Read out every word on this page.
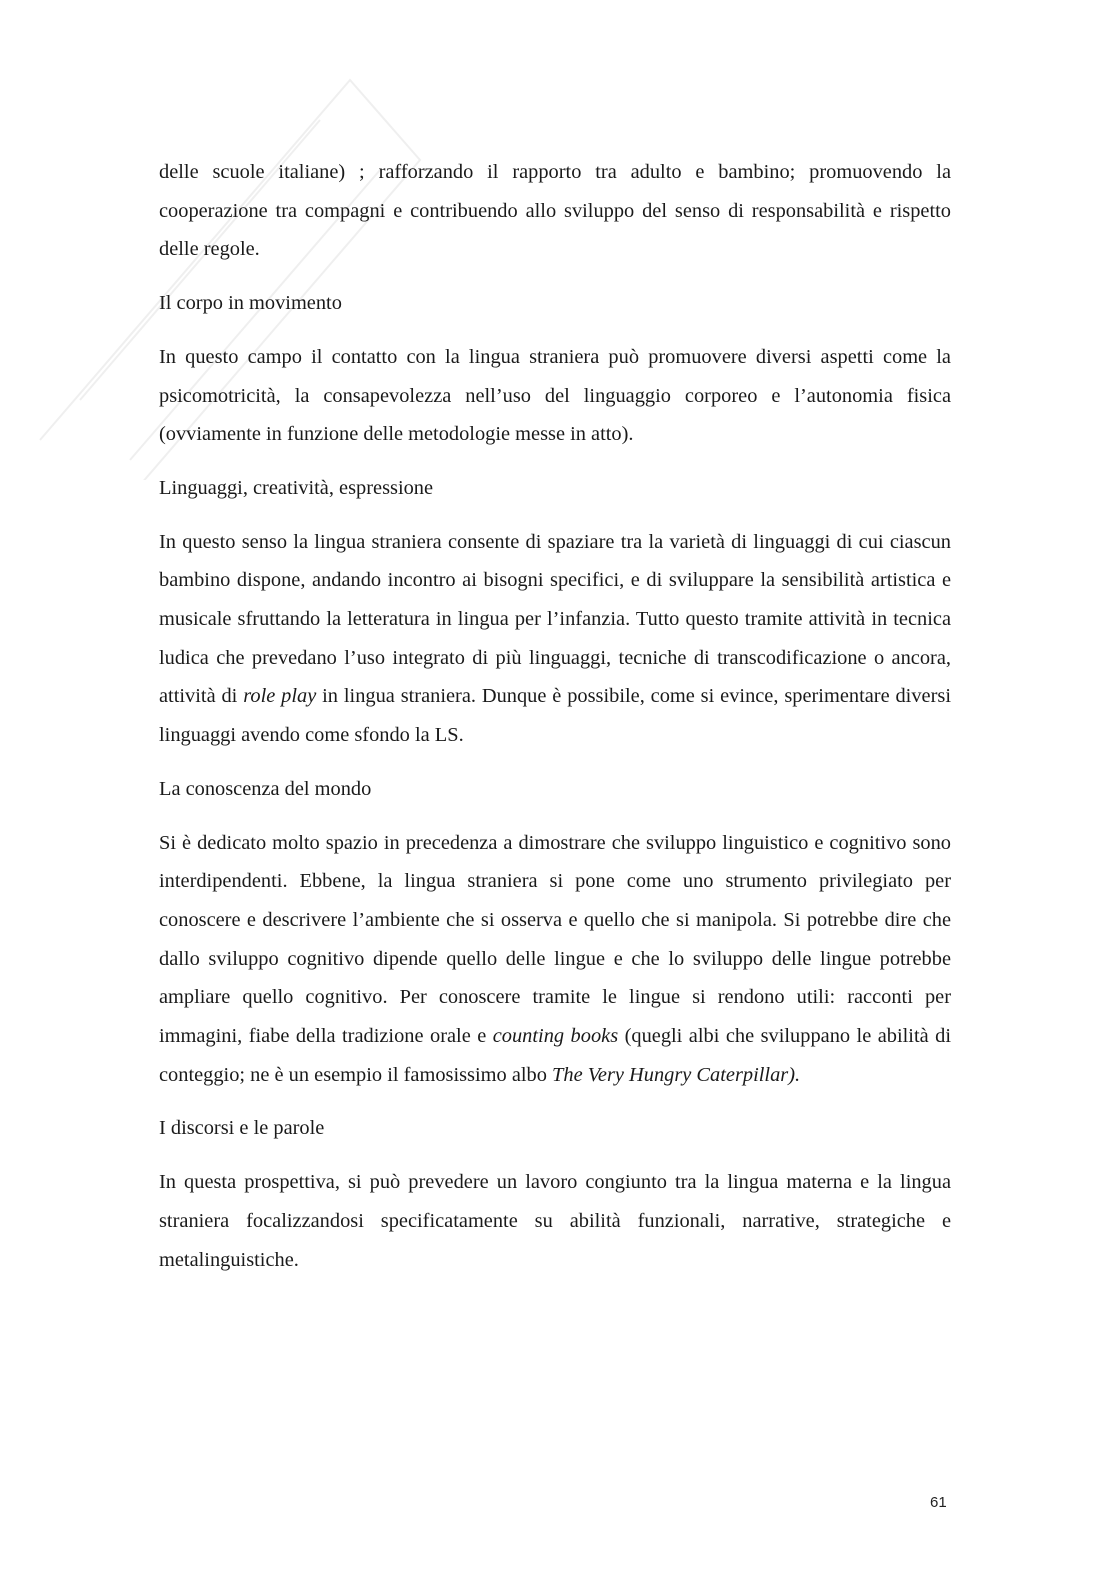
delle scuole italiane) ; rafforzando il rapporto tra adulto e bambino; promuovendo la cooperazione tra compagni e contribuendo allo sviluppo del senso di responsabilità e rispetto delle regole.

Il corpo in movimento

In questo campo il contatto con la lingua straniera può promuovere diversi aspetti come la psicomotricità, la consapevolezza nell’uso del linguaggio corporeo e l’autonomia fisica (ovviamente in funzione delle metodologie messe in atto).

Linguaggi, creatività, espressione

In questo senso la lingua straniera consente di spaziare tra la varietà di linguaggi di cui ciascun bambino dispone, andando incontro ai bisogni specifici, e di sviluppare la sensibilità artistica e musicale sfruttando la letteratura in lingua per l’infanzia. Tutto questo tramite attività in tecnica ludica che prevedano l’uso integrato di più linguaggi, tecniche di transcodificazione o ancora, attività di role play in lingua straniera. Dunque è possibile, come si evince, sperimentare diversi linguaggi avendo come sfondo la LS.

La conoscenza del mondo

Si è dedicato molto spazio in precedenza a dimostrare che sviluppo linguistico e cognitivo sono interdipendenti. Ebbene, la lingua straniera si pone come uno strumento privilegiato per conoscere e descrivere l’ambiente che si osserva e quello che si manipola. Si potrebbe dire che dallo sviluppo cognitivo dipende quello delle lingue e che lo sviluppo delle lingue potrebbe ampliare quello cognitivo. Per conoscere tramite le lingue si rendono utili: racconti per immagini, fiabe della tradizione orale e counting books (quegli albi che sviluppano le abilità di conteggio; ne è un esempio il famosissimo albo The Very Hungry Caterpillar).

I discorsi e le parole

In questa prospettiva, si può prevedere un lavoro congiunto tra la lingua materna e la lingua straniera focalizzandosi specificatamente su abilità funzionali, narrative, strategiche e metalinguistiche.

61
